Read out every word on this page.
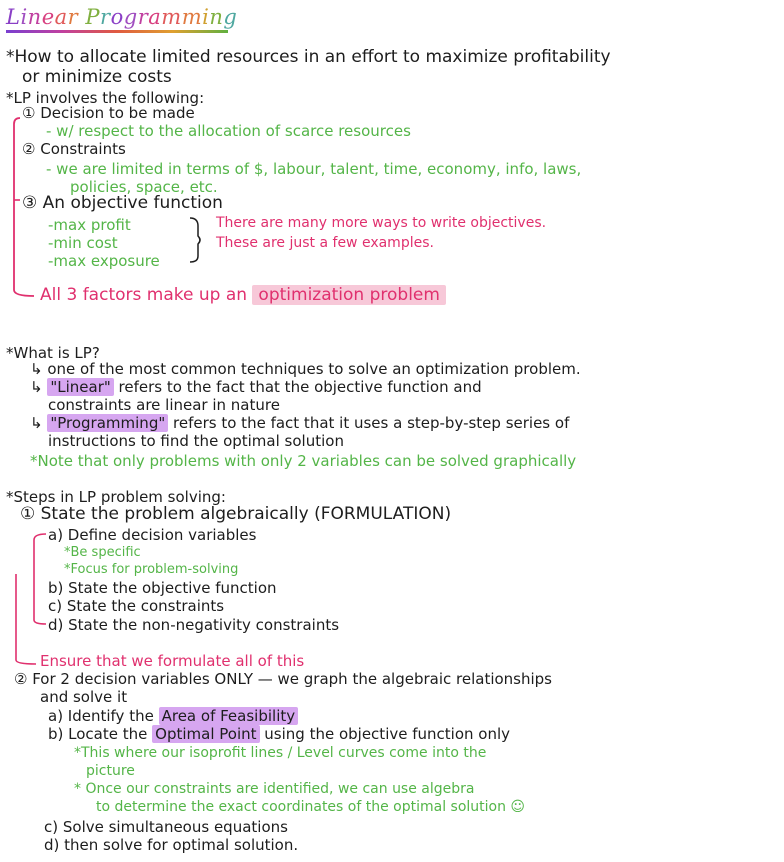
Linear Programming
*How to allocate limited resources in an effort to maximize profitability
or minimize costs
*LP involves the following:
① Decision to be made
- w/ respect to the allocation of scarce resources
② Constraints
- we are limited in terms of $, labour, talent, time, economy, info, laws,
policies, space, etc.
③ An objective function
-max profit
-min cost
-max exposure
There are many more ways to write objectives.
These are just a few examples.
All 3 factors make up an optimization problem
*What is LP?
↳ one of the most common techniques to solve an optimization problem.
↳ "Linear" refers to the fact that the objective function and
constraints are linear in nature
↳ "Programming" refers to the fact that it uses a step-by-step series of
instructions to find the optimal solution
*Note that only problems with only 2 variables can be solved graphically
*Steps in LP problem solving:
① State the problem algebraically (FORMULATION)
a) Define decision variables
*Be specific
*Focus for problem-solving
b) State the objective function
c) State the constraints
d) State the non-negativity constraints
Ensure that we formulate all of this
② For 2 decision variables ONLY — we graph the algebraic relationships
and solve it
a) Identify the Area of Feasibility
b) Locate the Optimal Point using the objective function only
*This where our isoprofit lines / Level curves come into the
picture
* Once our constraints are identified, we can use algebra
to determine the exact coordinates of the optimal solution ☺
c) Solve simultaneous equations
d) then solve for optimal solution.
